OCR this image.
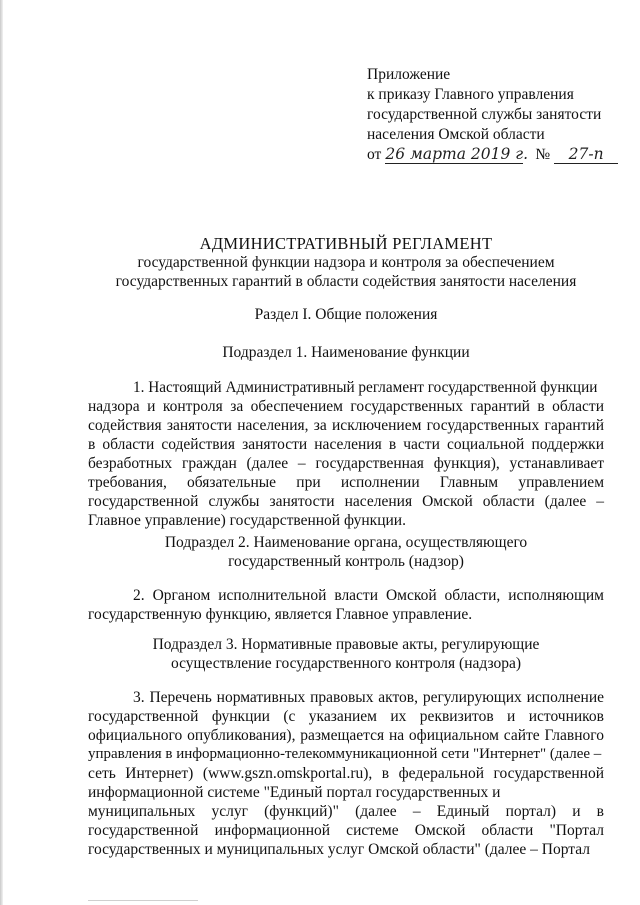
Приложение
к приказу Главного управления
государственной службы занятости
населения Омской области
от 26 марта 2019 г. № 27-п
АДМИНИСТРАТИВНЫЙ РЕГЛАМЕНТ
государственной функции надзора и контроля за обеспечением
государственных гарантий в области содействия занятости населения
Раздел I. Общие положения
Подраздел 1. Наименование функции
1. Настоящий Административный регламент государственной функции
надзора и контроля за обеспечением государственных гарантий в области
содействия занятости населения, за исключением государственных гарантий
в области содействия занятости населения в части социальной поддержки
безработных граждан (далее – государственная функция), устанавливает
требования, обязательные при исполнении Главным управлением
государственной службы занятости населения Омской области (далее –
Главное управление) государственной функции.
Подраздел 2. Наименование органа, осуществляющего
государственный контроль (надзор)
2. Органом исполнительной власти Омской области, исполняющим
государственную функцию, является Главное управление.
Подраздел 3. Нормативные правовые акты, регулирующие
осуществление государственного контроля (надзора)
3. Перечень нормативных правовых актов, регулирующих исполнение
государственной функции (с указанием их реквизитов и источников
официального опубликования), размещается на официальном сайте Главного
управления в информационно-телекоммуникационной сети "Интернет" (далее –
сеть Интернет) (www.gszn.omskportal.ru), в федеральной государственной
информационной системе "Единый портал государственных и
муниципальных услуг (функций)" (далее – Единый портал) и в
государственной информационной системе Омской области "Портал
государственных и муниципальных услуг Омской области" (далее – Портал
